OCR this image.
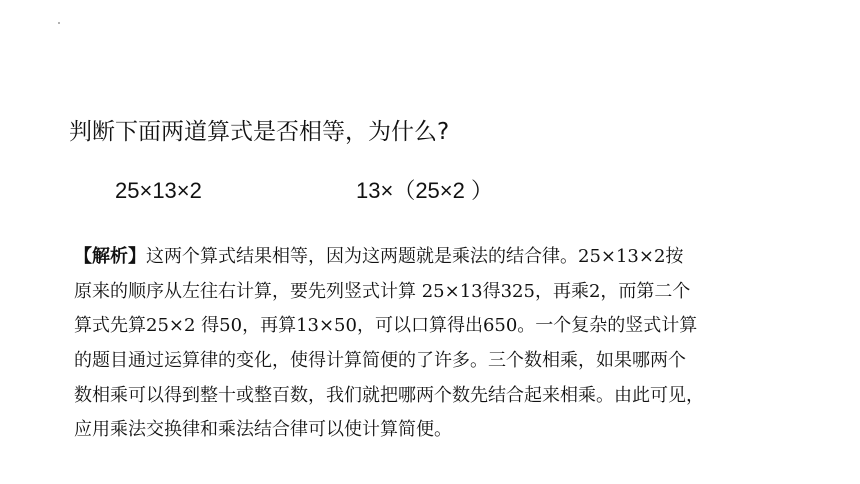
判断下面两道算式是否相等，为什么?
25×13×2	13×（25×2 ）
【解析】这两个算式结果相等，因为这两题就是乘法的结合律。25×13×2按
原来的顺序从左往右计算，要先列竖式计算 25×13得325，再乘2，而第二个
算式先算25×2 得50，再算13×50，可以口算得出650。一个复杂的竖式计算
的题目通过运算律的变化，使得计算简便的了许多。三个数相乘，如果哪两个
数相乘可以得到整十或整百数，我们就把哪两个数先结合起来相乘。由此可见，
应用乘法交换律和乘法结合律可以使计算简便。
